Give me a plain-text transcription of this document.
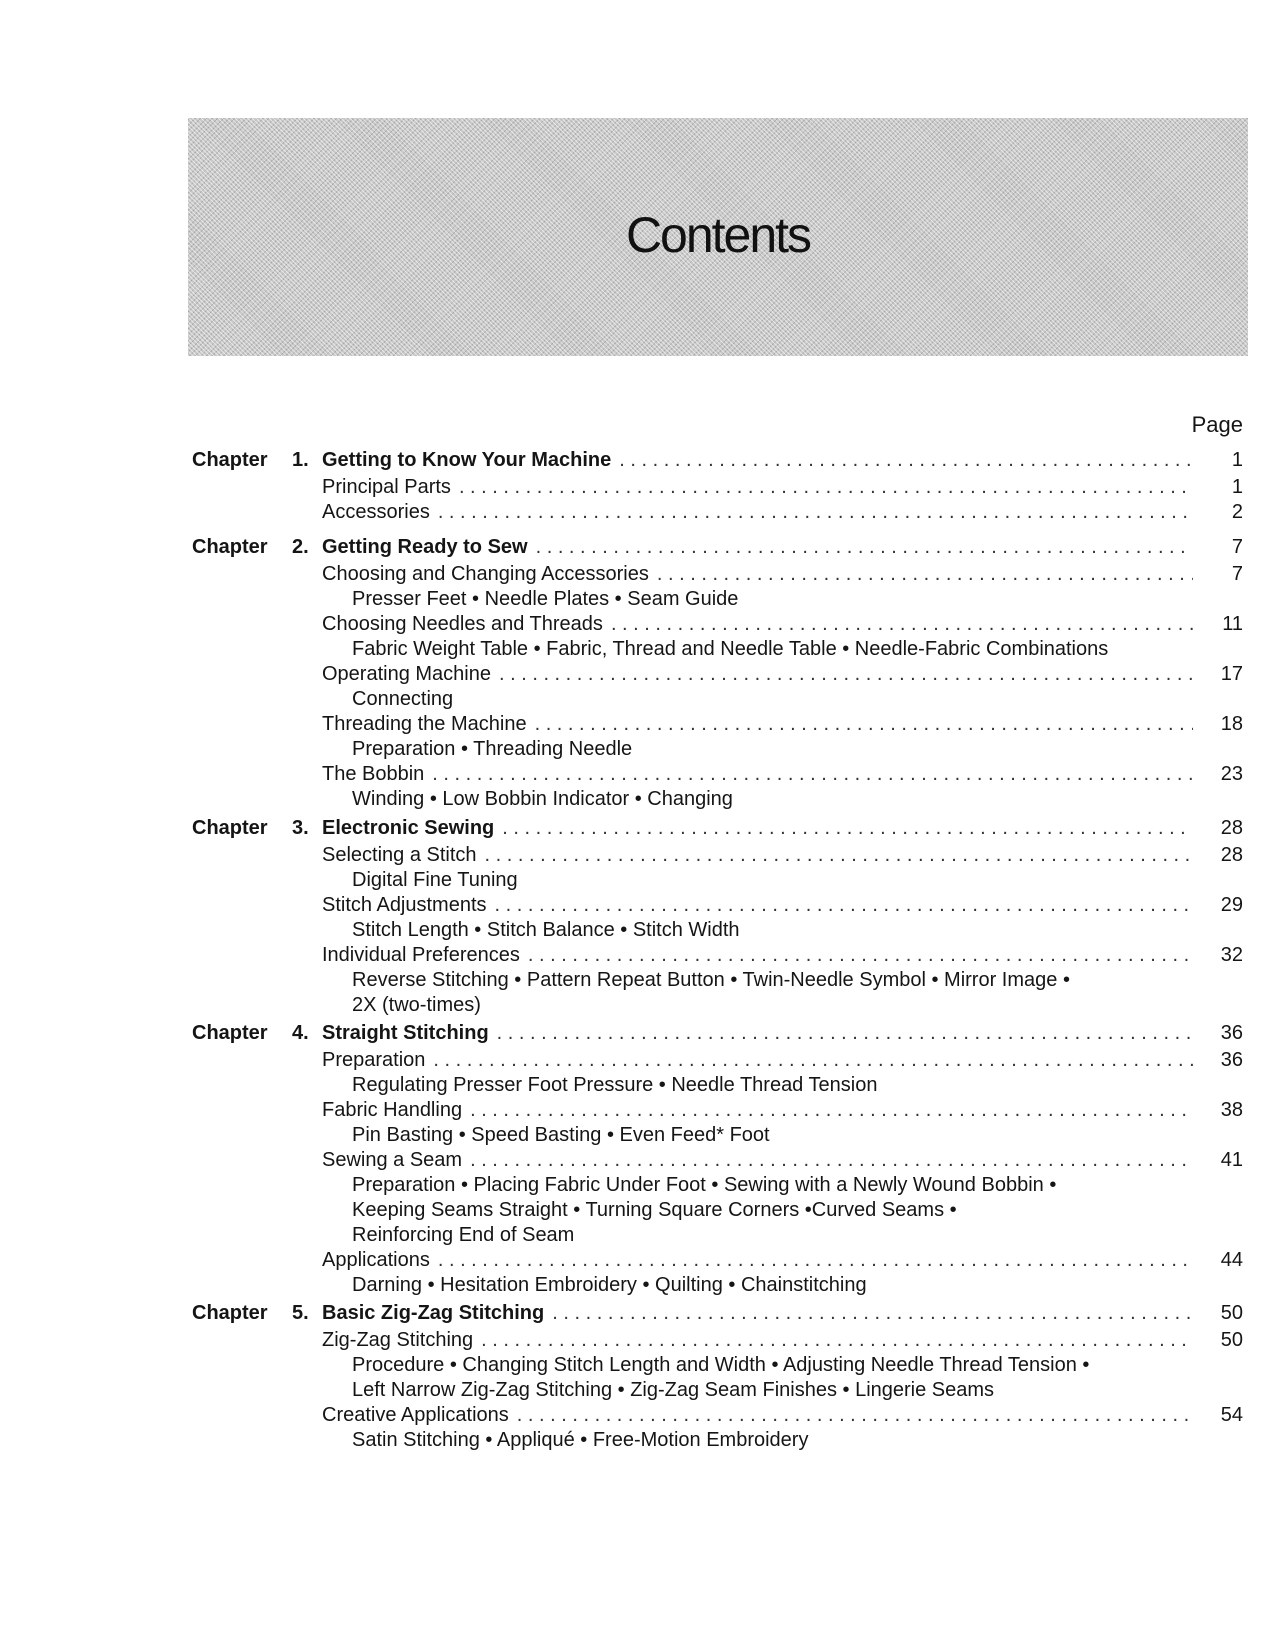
Contents
Page
Chapter 1. Getting to Know Your Machine . . .	1
Principal Parts . . .	1
Accessories . . .	2
Chapter 2. Getting Ready to Sew . . .	7
Choosing and Changing Accessories . . .	7
Presser Feet • Needle Plates • Seam Guide
Choosing Needles and Threads . . .	11
Fabric Weight Table • Fabric, Thread and Needle Table • Needle-Fabric Combinations
Operating Machine . . .	17
Connecting
Threading the Machine . . .	18
Preparation • Threading Needle
The Bobbin . . .	23
Winding • Low Bobbin Indicator • Changing
Chapter 3. Electronic Sewing . . .	28
Selecting a Stitch . . .	28
Digital Fine Tuning
Stitch Adjustments . . .	29
Stitch Length • Stitch Balance • Stitch Width
Individual Preferences . . .	32
Reverse Stitching • Pattern Repeat Button • Twin-Needle Symbol • Mirror Image •
2X (two-times)
Chapter 4. Straight Stitching . . .	36
Preparation . . .	36
Regulating Presser Foot Pressure • Needle Thread Tension
Fabric Handling . . .	38
Pin Basting • Speed Basting • Even Feed* Foot
Sewing a Seam . . .	41
Preparation • Placing Fabric Under Foot • Sewing with a Newly Wound Bobbin •
Keeping Seams Straight • Turning Square Corners •Curved Seams •
Reinforcing End of Seam
Applications . . .	44
Darning • Hesitation Embroidery • Quilting • Chainstitching
Chapter 5. Basic Zig-Zag Stitching . . .	50
Zig-Zag Stitching . . .	50
Procedure • Changing Stitch Length and Width • Adjusting Needle Thread Tension •
Left Narrow Zig-Zag Stitching • Zig-Zag Seam Finishes • Lingerie Seams
Creative Applications . . .	54
Satin Stitching • Appliqué • Free-Motion Embroidery
